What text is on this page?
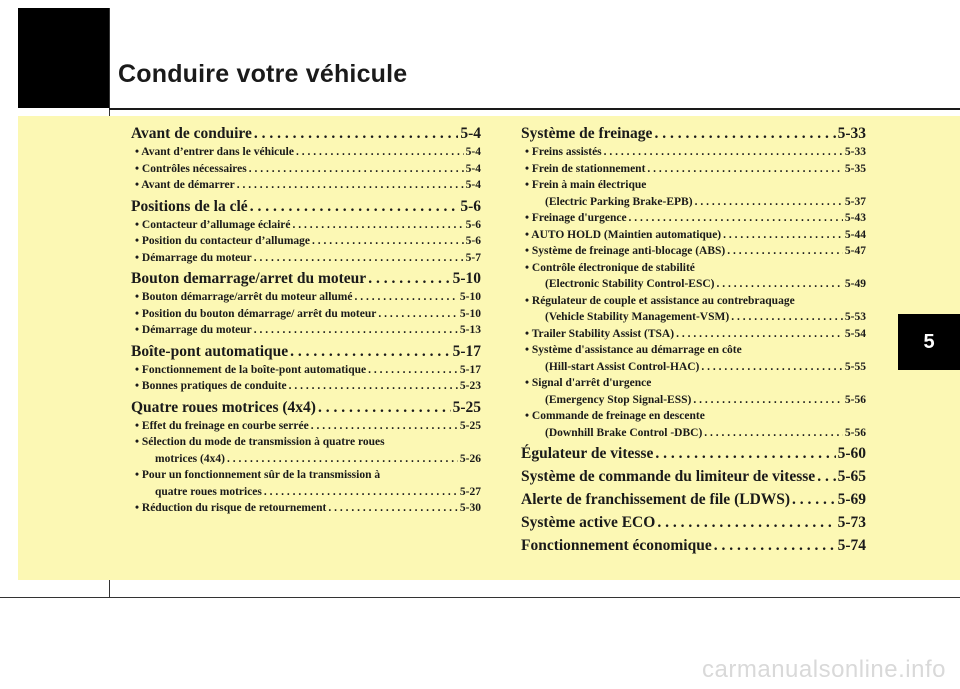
Conduire votre véhicule
5
Avant de conduire . . .	5-4
• Avant d’entrer dans le véhicule . . .	5-4
• Contrôles nécessaires . . .	5-4
• Avant de démarrer . . .	5-4
Positions de la clé . . .	5-6
• Contacteur d’allumage éclairé . . .	5-6
• Position du contacteur d’allumage . . .	5-6
• Démarrage du moteur . . .	5-7
Bouton demarrage/arret du moteur . . .	5-10
• Bouton démarrage/arrêt du moteur allumé . . .	5-10
• Position du bouton démarrage/ arrêt du moteur . . .	5-10
• Démarrage du moteur . . .	5-13
Boîte-pont automatique . . .	5-17
• Fonctionnement de la boîte-pont automatique . . .	5-17
• Bonnes pratiques de conduite . . .	5-23
Quatre roues motrices (4x4) . . .	5-25
• Effet du freinage en courbe serrée . . .	5-25
• Sélection du mode de transmission à quatre roues
motrices (4x4) . . .	5-26
• Pour un fonctionnement sûr de la transmission à
quatre roues motrices . . .	5-27
• Réduction du risque de retournement . . .	5-30
Système de freinage . . .	5-33
• Freins assistés . . .	5-33
• Frein de stationnement . . .	5-35
• Frein à main électrique
(Electric Parking Brake-EPB) . . .	5-37
• Freinage d'urgence . . .	5-43
• AUTO HOLD (Maintien automatique) . . .	5-44
• Système de freinage anti-blocage (ABS) . . .	5-47
• Contrôle électronique de stabilité
(Electronic Stability Control-ESC) . . .	5-49
• Régulateur de couple et assistance au contrebraquage
(Vehicle Stability Management-VSM) . . .	5-53
• Trailer Stability Assist (TSA) . . .	5-54
• Système d'assistance au démarrage en côte
(Hill-start Assist Control-HAC) . . .	5-55
• Signal d'arrêt d'urgence
(Emergency Stop Signal-ESS) . . .	5-56
• Commande de freinage en descente
(Downhill Brake Control -DBC) . . .	5-56
Égulateur de vitesse . . .	5-60
Système de commande du limiteur de vitesse . . . 5-65
Alerte de franchissement de file (LDWS) . . .	5-69
Système active ECO . . .	5-73
Fonctionnement économique . . .	5-74
carmanualsonline.info
